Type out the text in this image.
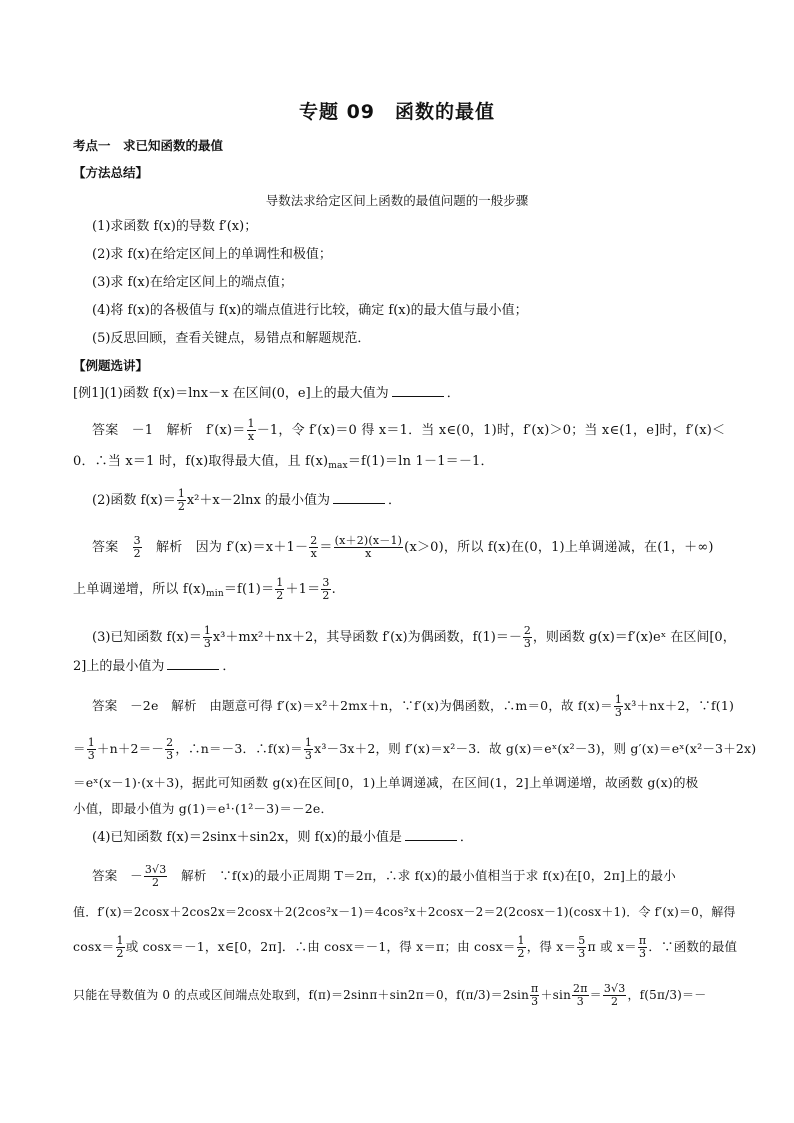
专题 09　函数的最值
考点一　求已知函数的最值
【方法总结】
导数法求给定区间上函数的最值问题的一般步骤
(1)求函数 f(x)的导数 f′(x)；
(2)求 f(x)在给定区间上的单调性和极值；
(3)求 f(x)在给定区间上的端点值；
(4)将 f(x)的各极值与 f(x)的端点值进行比较，确定 f(x)的最大值与最小值；
(5)反思回顾，查看关键点，易错点和解题规范．
【例题选讲】
[例1](1)函数 f(x)＝lnx－x 在区间(0，e]上的最大值为	．
答案　－1　解析　$f'(x)= \frac{1}{x} -1$，令 f′(x)＝0 得 x＝1．当 x∈(0，1)时，f′(x)＞0；当 x∈(1，e]时，f′(x)＜
0．∴当 x＝1 时，f(x)取得最大值，且 $f(x)_{max}=f(1)=\ln$ 1－1＝－1．
(2)函数 $f(x)= \frac{1}{2} x^2+x-2\ln x$ 的最小值为	．
答案　 $\frac{3}{2}$ 　解析　因为 $f'(x)=x+1- \frac{2}{x} = \frac{(x+2)(x-1)}{x} (x>0)$，所以 f(x)在(0，1)上单调递减，在(1，＋∞)
上单调递增，所以 $f(x)_{min}=f(1)= \frac{1}{2} +1= \frac{3}{2}$ .
(3)已知函数 $f(x)= \frac{1}{3} x^3+mx^2+nx+2$，其导函数 f′(x)为偶函数，$f(1)=- \frac{2}{3}$ ，则函数 g(x)＝f′(x)eˣ 在区间[0，
2]上的最小值为	．
答案　－2e　解析　由题意可得 f′(x)＝x²＋2mx＋n，∵f′(x)为偶函数，∴m＝0，故 $f(x)= \frac{1}{3} x^3+nx+2$，∵f(1)
＝ $\frac{1}{3} +n+2=- \frac{2}{3}$ ，∴n＝－3．∴f(x)＝ $\frac{1}{3} x^3-3x+2$，则 f′(x)＝x²－3．故 g(x)＝eˣ(x²－3)，则 g′(x)＝eˣ(x²－3＋2x)
＝eˣ(x－1)·(x＋3)，据此可知函数 g(x)在区间[0，1)上单调递减，在区间(1，2]上单调递增，故函数 g(x)的极
小值，即最小值为 g(1)＝e¹·(1²－3)＝－2e．
(4)已知函数 f(x)＝2sinx＋sin2x，则 f(x)的最小值是	．
答案　－ $\frac{3√3}{2}$ 　解析　∵f(x)的最小正周期 T＝2π，∴求 f(x)的最小值相当于求 f(x)在[0，2π]上的最小
值．f′(x)＝2cosx＋2cos2x＝2cosx＋2(2cos²x－1)＝4cos²x＋2cosx－2＝2(2cosx－1)(cosx＋1)．令 f′(x)＝0，解得
$\cos x= \frac{1}{2}$ 或 cosx＝－1，x∈[0，2π]．∴由 cosx＝－1，得 x＝π；由 $\cos x= \frac{1}{2}$ ，得 $x= \frac{5}{3}$ π 或 $x= \frac{\pi}{3}$ ．∵函数的最值
只能在导数值为 0 的点或区间端点处取到，f(π)＝2sinπ＋sin2π＝0，$f(\pi/3)=2\sin \frac{\pi}{3} +\sin \frac{2\pi}{3} = \frac{3√3}{2}$ ，f(5π/3)＝－
